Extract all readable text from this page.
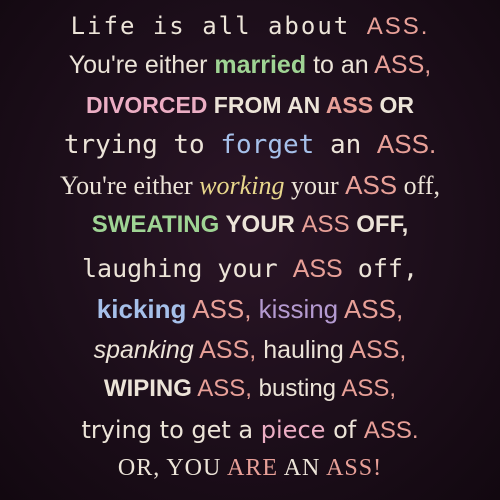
Life is all about ASS.
You're either married to an ASS,
DIVORCED FROM AN ASS OR
trying to forget an ASS.
You're either working your ASS off,
SWEATING YOUR ASS OFF,
laughing your ASS off,
kicking ASS, kissing ASS,
spanking ASS, hauling ASS,
WIPING ASS, busting ASS,
trying to get a piece of ASS.
OR, YOU ARE AN ASS!
